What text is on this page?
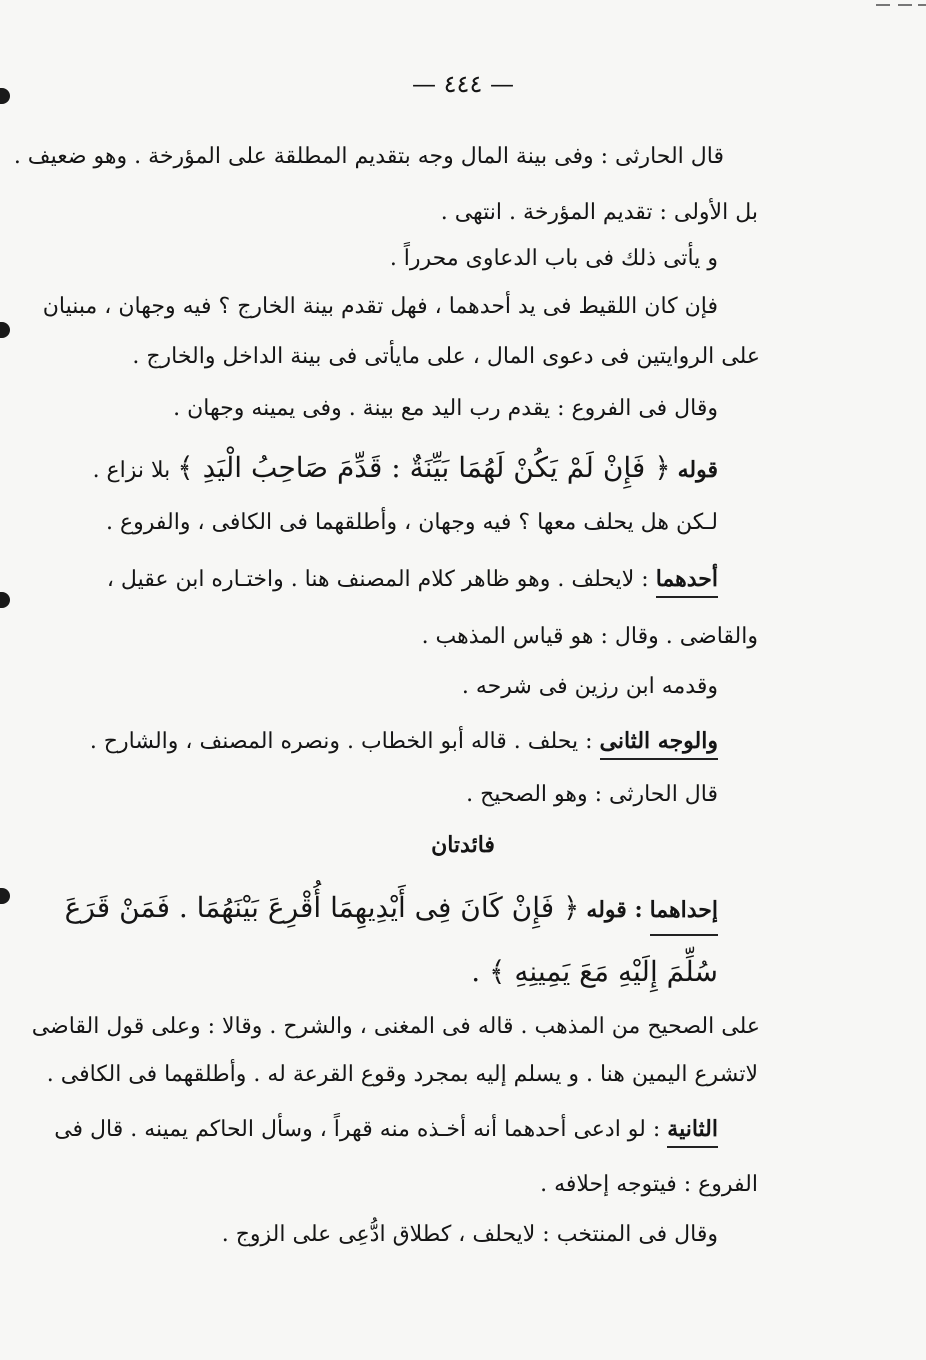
— ٤٤٤ —
قال الحارثى : وفى بينة المال وجه بتقديم المطلقة على المؤرخة . وهو ضعيف .
بل الأولى : تقديم المؤرخة . انتهى .
و يأتى ذلك فى باب الدعاوى محرراً .
فإن كان اللقيط فى يد أحدهما ، فهل تقدم بينة الخارج ؟ فيه وجهان ، مبنيان
على الروايتين فى دعوى المال ، على مايأتى فى بينة الداخل والخارج .
وقال فى الفروع : يقدم رب اليد مع بينة . وفى يمينه وجهان .
قوله ﴿ فَإِنْ لَمْ يَكُنْ لَهُمَا بَيِّنَةٌ : قَدِّمَ صَاحِبُ الْيَدِ ﴾ بلا نزاع .
لـكن هل يحلف معها ؟ فيه وجهان ، وأطلقهما فى الكافى ، والفروع .
أحدهما : لايحلف . وهو ظاهر كلام المصنف هنا . واختـاره ابن عقيل ،
والقاضى . وقال : هو قياس المذهب .
وقدمه ابن رزين فى شرحه .
والوجه الثانى : يحلف . قاله أبو الخطاب . ونصره المصنف ، والشارح .
قال الحارثى : وهو الصحيح .
فائدتان
إحداهما : قوله ﴿ فَإِنْ كَانَ فِى أَيْدِيهِمَا أُقْرِعَ بَيْنَهُمَا . فَمَنْ قَرَعَ
سُلِّمَ إِلَيْهِ مَعَ يَمِينِهِ ﴾ .
على الصحيح من المذهب . قاله فى المغنى ، والشرح . وقالا : وعلى قول القاضى
لاتشرع اليمين هنا . و يسلم إليه بمجرد وقوع القرعة له . وأطلقهما فى الكافى .
الثانية : لو ادعى أحدهما أنه أخـذه منه قهراً ، وسأل الحاكم يمينه . قال فى
الفروع : فيتوجه إحلافه .
وقال فى المنتخب : لايحلف ، كطلاق ادُّعِى على الزوج .
